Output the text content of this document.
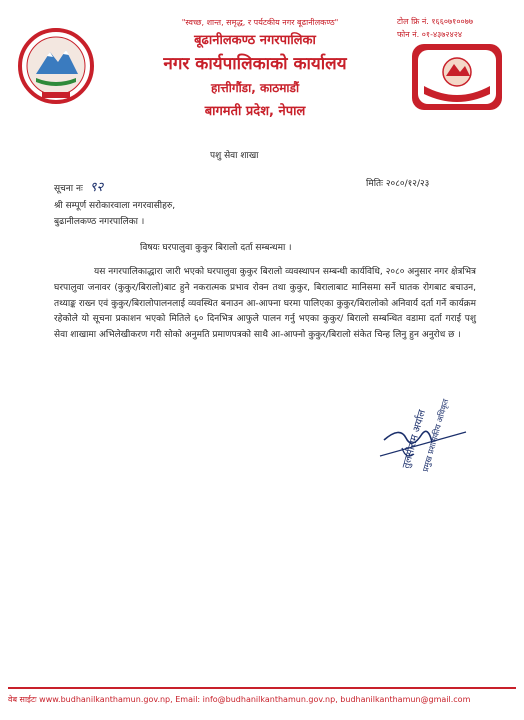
"स्वच्छ, शान्त, समृद्ध, र पर्यटकीय नगर बूढानीलकण्ठ"
बूढानीलकण्ठ नगरपालिका
नगर कार्यपालिकाको कार्यालय
हात्तीगौंडा, काठमाडौं
बागमती प्रदेश, नेपाल
टोल फ्रि नं. १६६०७१००७७
फोन नं. ०१-४३७२४२४
पशु सेवा शाखा
सूचना नः ९२	मितिः २०८०/१२/२३
श्री सम्पूर्ण सरोकारवाला नगरवासीहरु,
बुढानीलकण्ठ नगरपालिका ।
विषयः घरपालुवा कुकुर बिरालो दर्ता सम्बन्धमा ।

यस नगरपालिकाद्धारा जारी भएको घरपालुवा कुकुर बिरालो व्यवस्थापन सम्बन्धी कार्यविधि, २०८० अनुसार नगर क्षेत्रभित्र घरपालुवा जनावर (कुकुर/बिरालो)बाट हुने नकरात्मक प्रभाव रोक्न तथा कुकुर, बिरालाबाट मानिसमा सर्ने घातक रोगबाट बचाउन, तथ्याङ्क राख्न एवं कुकुर/बिरालोपालनलाई व्यवस्थित बनाउन आ-आफ्ना घरमा पालिएका कुकुर/बिरालोको अनिवार्य दर्ता गर्ने कार्यक्रम रहेकोले यो सूचना प्रकाशन भएको मितिले ६० दिनभित्र आफुले पालन गर्नु भएका कुकुर/ बिरालो सम्बन्धित वडामा दर्ता गराई पशु सेवा शाखामा अभिलेखीकरण गरी सोको अनुमति प्रमाणपत्रको साथै आ-आफ्नो कुकुर/बिरालो संकेत चिन्ह लिनु हुन अनुरोध छ ।

तुलसीराम अर्याल
प्रमुख प्रशासकीय अधिकृत
वेब साईटः www.budhanilkanthamun.gov.np, Email: info@budhanilkanthamun.gov.np, budhanilkanthamun@gmail.com
